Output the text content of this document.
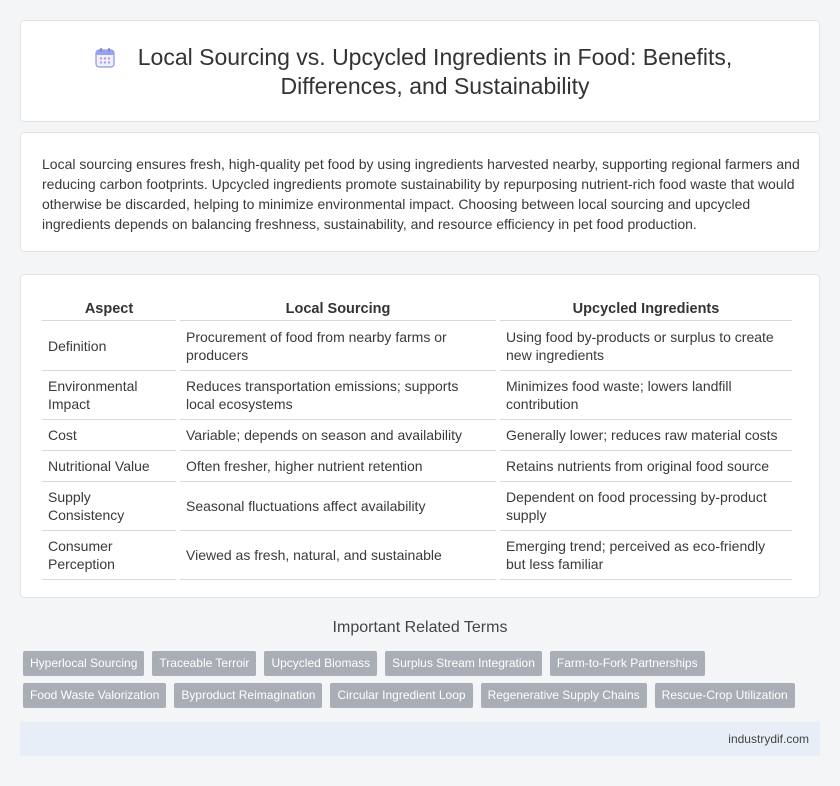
Local Sourcing vs. Upcycled Ingredients in Food: Benefits, Differences, and Sustainability

Local sourcing ensures fresh, high-quality pet food by using ingredients harvested nearby, supporting regional farmers and reducing carbon footprints. Upcycled ingredients promote sustainability by repurposing nutrient-rich food waste that would otherwise be discarded, helping to minimize environmental impact. Choosing between local sourcing and upcycled ingredients depends on balancing freshness, sustainability, and resource efficiency in pet food production.

Aspect	Local Sourcing	Upcycled Ingredients
Definition	Procurement of food from nearby farms or producers	Using food by-products or surplus to create new ingredients
Environmental Impact	Reduces transportation emissions; supports local ecosystems	Minimizes food waste; lowers landfill contribution
Cost	Variable; depends on season and availability	Generally lower; reduces raw material costs
Nutritional Value	Often fresher, higher nutrient retention	Retains nutrients from original food source
Supply Consistency	Seasonal fluctuations affect availability	Dependent on food processing by-product supply
Consumer Perception	Viewed as fresh, natural, and sustainable	Emerging trend; perceived as eco-friendly but less familiar
Important Related Terms
Hyperlocal Sourcing	Traceable Terroir	Upcycled Biomass	Surplus Stream Integration	Farm-to-Fork Partnerships
Food Waste Valorization	Byproduct Reimagination	Circular Ingredient Loop	Regenerative Supply Chains	Rescue-Crop Utilization
industrydif.com
